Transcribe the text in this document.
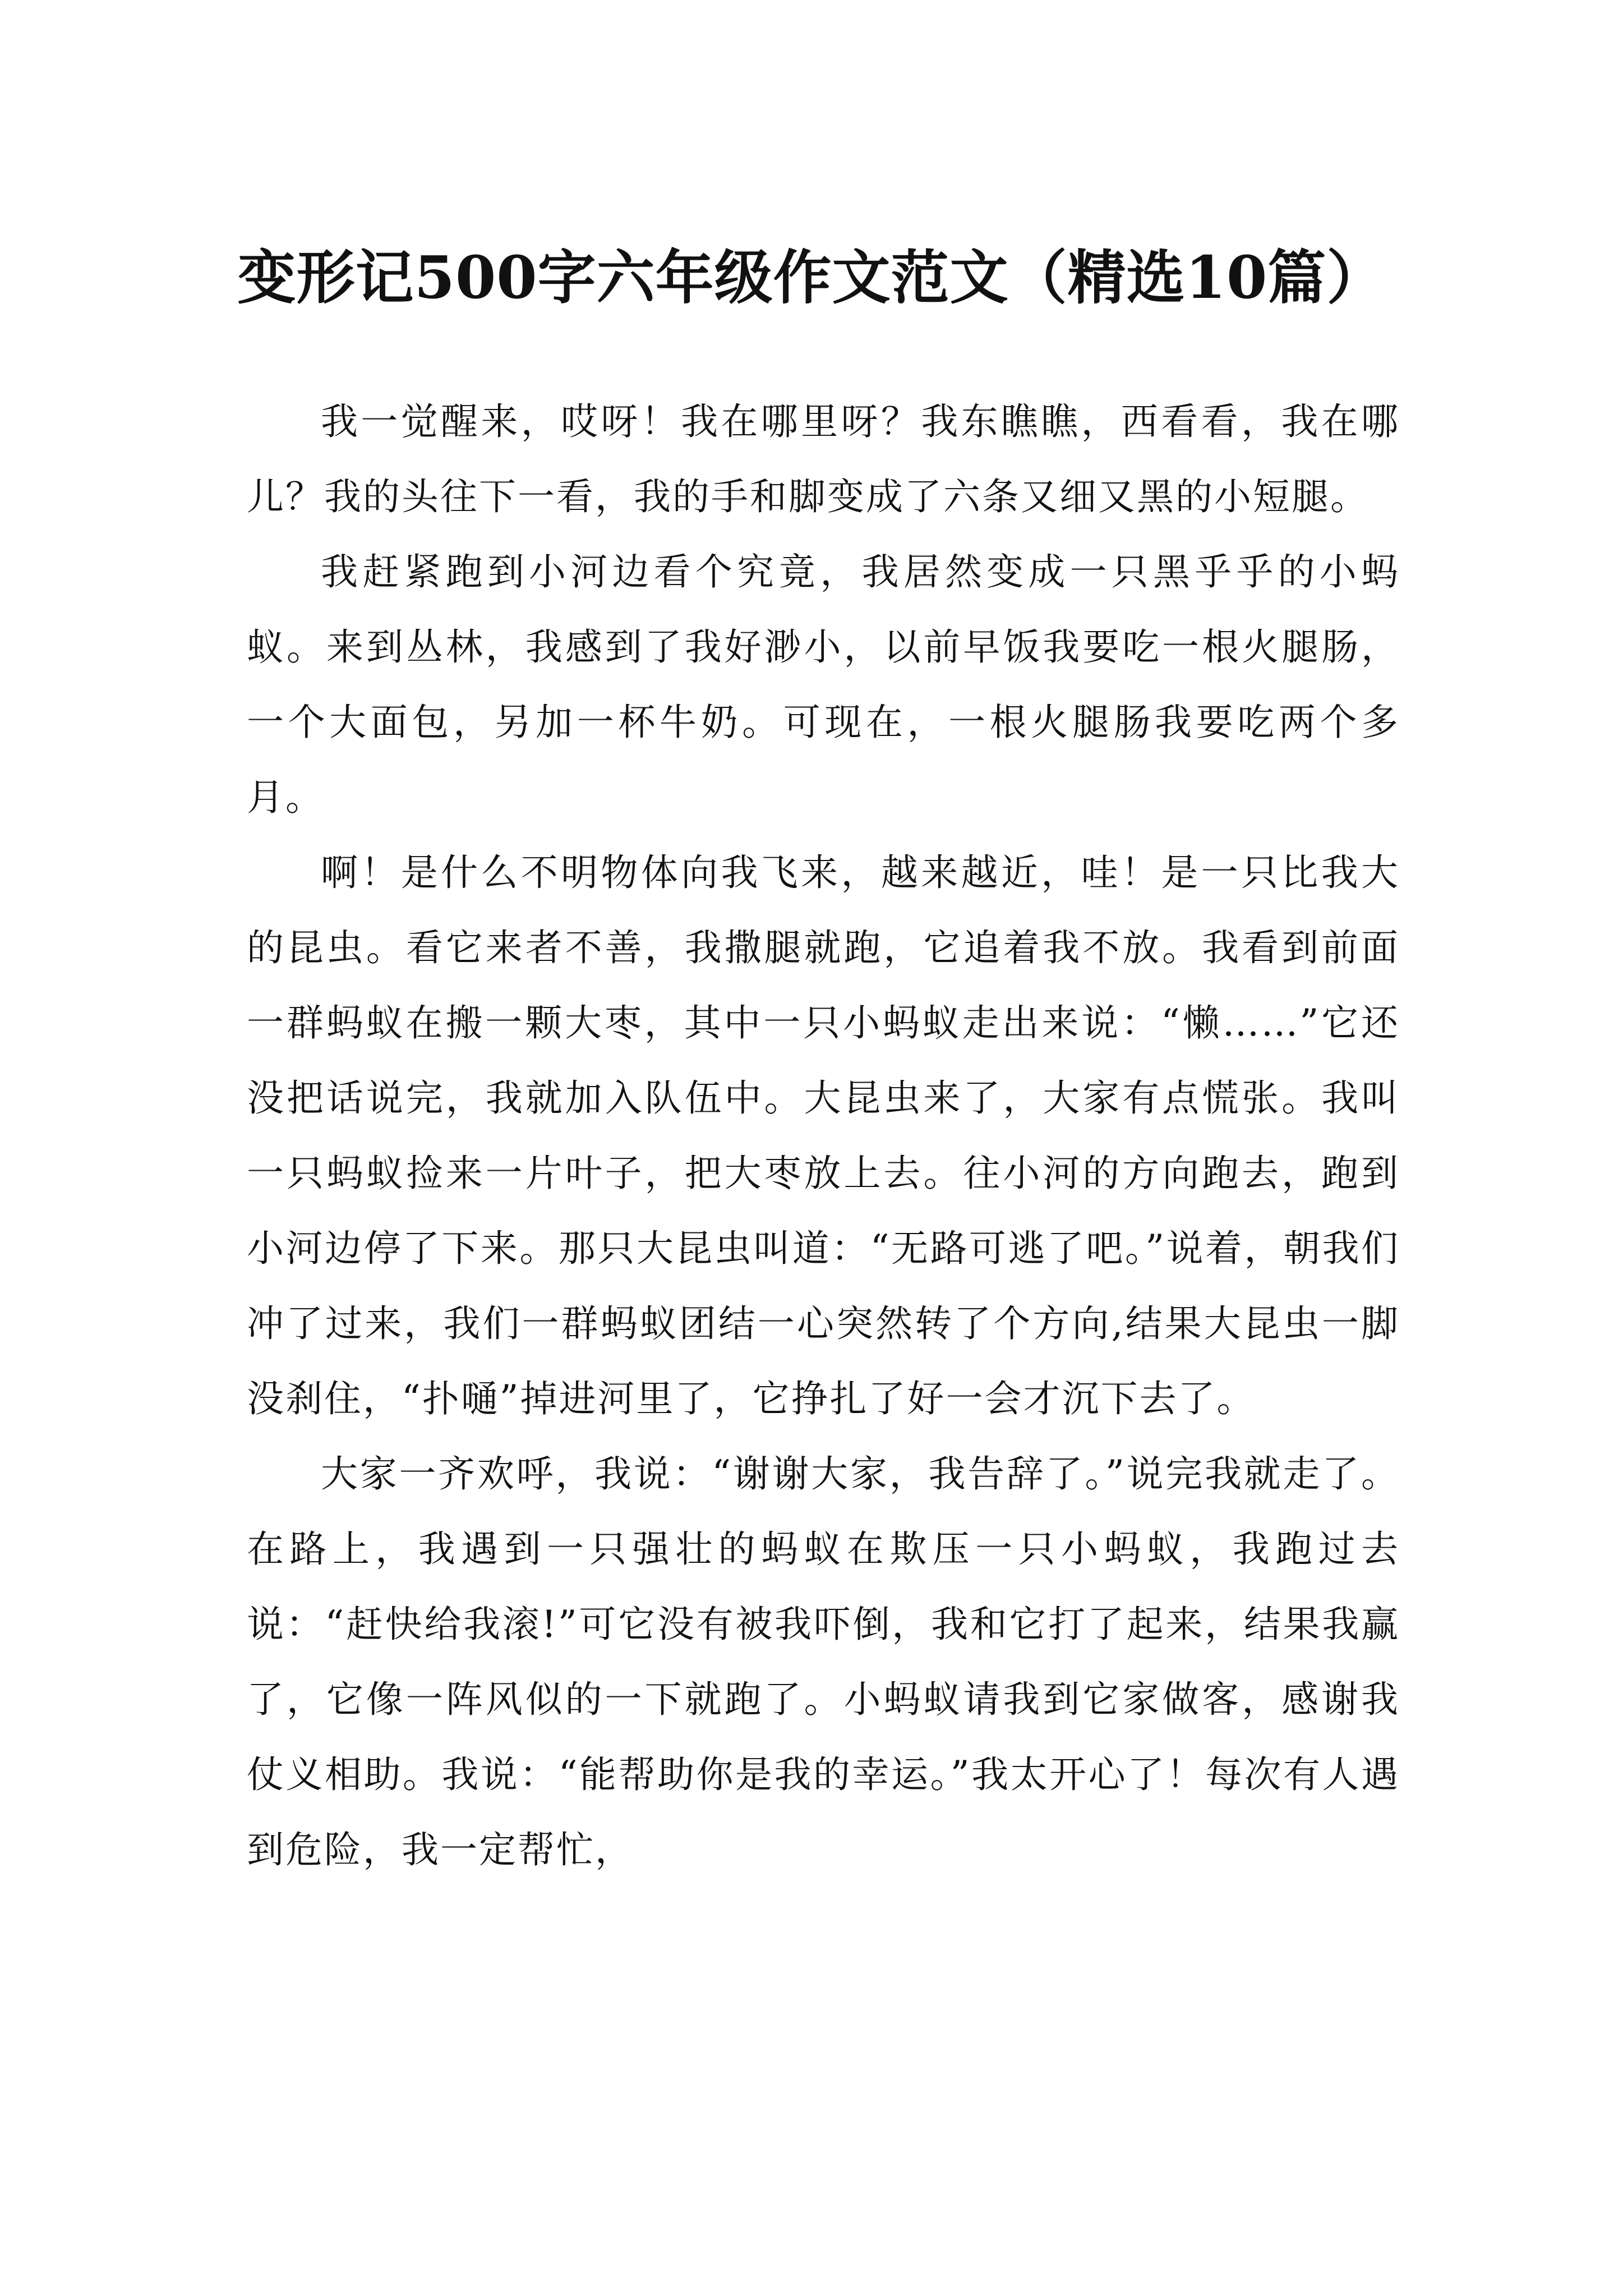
变形记500字六年级作文范文（精选10篇）

我一觉醒来，哎呀！我在哪里呀？我东瞧瞧，西看看，我在哪儿？我的头往下一看，我的手和脚变成了六条又细又黑的小短腿。

我赶紧跑到小河边看个究竟，我居然变成一只黑乎乎的小蚂蚁。来到丛林，我感到了我好渺小，以前早饭我要吃一根火腿肠，一个大面包，另加一杯牛奶。可现在，一根火腿肠我要吃两个多月。

啊！是什么不明物体向我飞来，越来越近，哇！是一只比我大的昆虫。看它来者不善，我撒腿就跑，它追着我不放。我看到前面一群蚂蚁在搬一颗大枣，其中一只小蚂蚁走出来说：“懒……”它还没把话说完，我就加入队伍中。大昆虫来了，大家有点慌张。我叫一只蚂蚁捡来一片叶子，把大枣放上去。往小河的方向跑去，跑到小河边停了下来。那只大昆虫叫道：“无路可逃了吧。”说着，朝我们冲了过来，我们一群蚂蚁团结一心突然转了个方向,结果大昆虫一脚没刹住，“扑嗵”掉进河里了，它挣扎了好一会才沉下去了。

大家一齐欢呼，我说：“谢谢大家，我告辞了。”说完我就走了。在路上，我遇到一只强壮的蚂蚁在欺压一只小蚂蚁，我跑过去说：“赶快给我滚!”可它没有被我吓倒，我和它打了起来，结果我赢了，它像一阵风似的一下就跑了。小蚂蚁请我到它家做客，感谢我仗义相助。我说：“能帮助你是我的幸运。”我太开心了！每次有人遇到危险，我一定帮忙，
